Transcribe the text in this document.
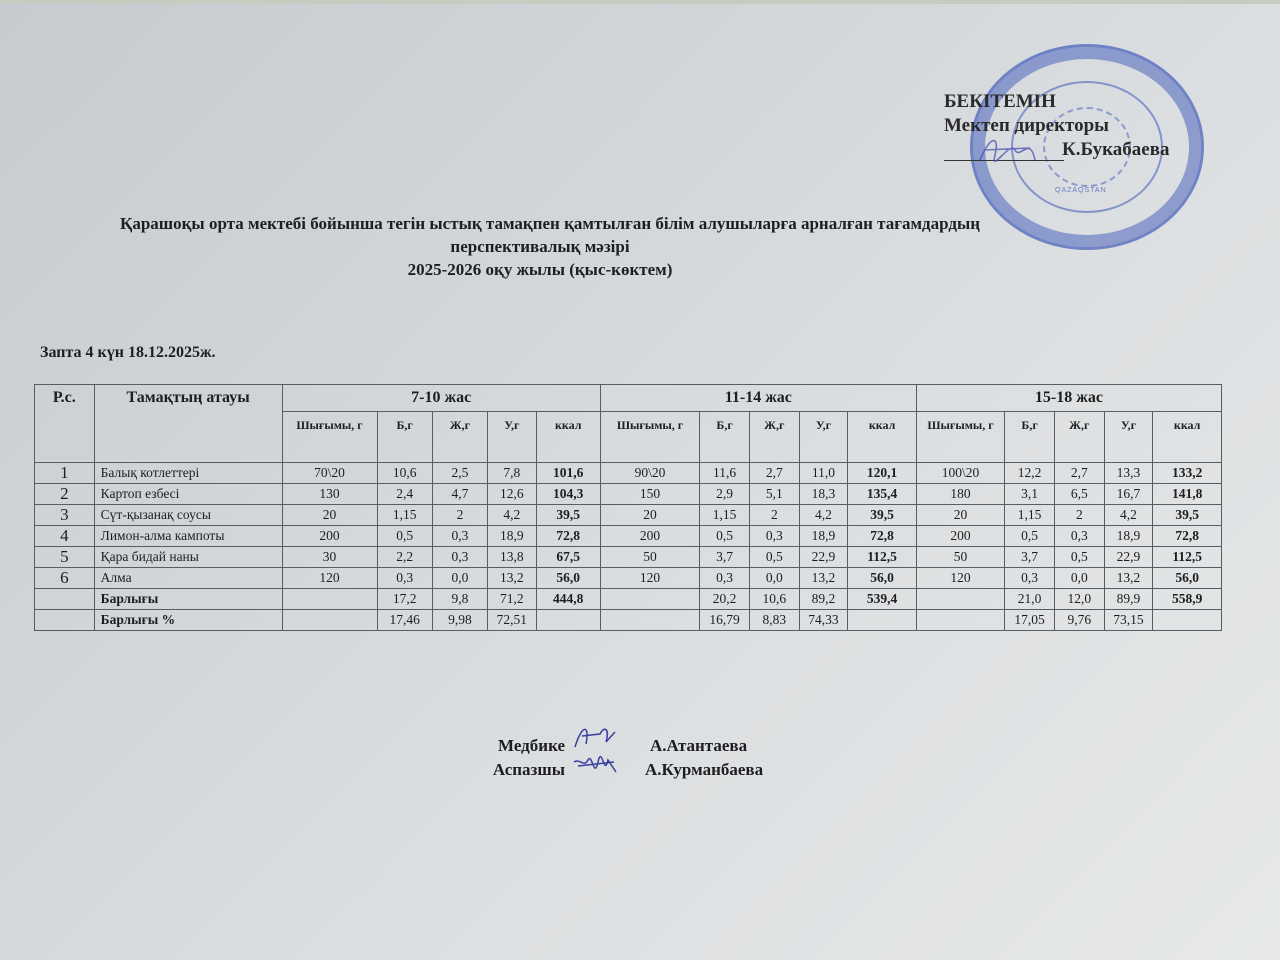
QAZAQSTAN
БЕКІТЕМІН
Мектеп директоры
К.Букабаева
Қарашоқы орта мектебі бойынша тегін ыстық тамақпен қамтылған білім алушыларға арналған тағамдардың
перспективалық мәзірі
2025-2026 оқу жылы (қыс-көктем)
Запта 4 күн 18.12.2025ж.
Р.с.	Тамақтың атауы	7-10 жас					11-14 жас					15-18 жас				
		Шығымы, г	Б,г	Ж,г	У,г	ккал	Шығымы, г	Б,г	Ж,г	У,г	ккал	Шығымы, г	Б,г	Ж,г	У,г	ккал
1	Балық котлеттері	70\20	10,6	2,5	7,8	101,6	90\20	11,6	2,7	11,0	120,1	100\20	12,2	2,7	13,3	133,2
2	Картоп езбесі	130	2,4	4,7	12,6	104,3	150	2,9	5,1	18,3	135,4	180	3,1	6,5	16,7	141,8
3	Сүт-қызанақ соусы	20	1,15	2	4,2	39,5	20	1,15	2	4,2	39,5	20	1,15	2	4,2	39,5
4	Лимон-алма кампоты	200	0,5	0,3	18,9	72,8	200	0,5	0,3	18,9	72,8	200	0,5	0,3	18,9	72,8
5	Қара бидай наны	30	2,2	0,3	13,8	67,5	50	3,7	0,5	22,9	112,5	50	3,7	0,5	22,9	112,5
6	Алма	120	0,3	0,0	13,2	56,0	120	0,3	0,0	13,2	56,0	120	0,3	0,0	13,2	56,0
	Барлығы		17,2	9,8	71,2	444,8		20,2	10,6	89,2	539,4		21,0	12,0	89,9	558,9
	Барлығы %		17,46	9,98	72,51			16,79	8,83	74,33			17,05	9,76	73,15	
Медбике	А.Атантаева
Аспазшы	А.Курманбаева
